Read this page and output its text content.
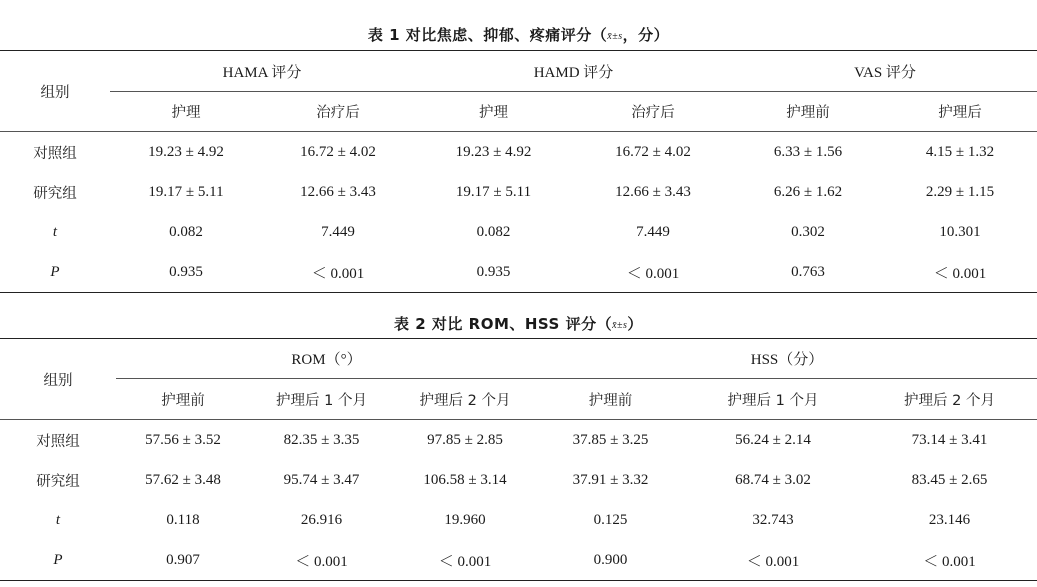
表 1 对比焦虑、抑郁、疼痛评分（x̄±s，分）
组别	HAMA 评分		HAMD 评分		VAS 评分	
	护理	治疗后	护理	治疗后	护理前	护理后
对照组	19.23 ± 4.92	16.72 ± 4.02	19.23 ± 4.92	16.72 ± 4.02	6.33 ± 1.56	4.15 ± 1.32
研究组	19.17 ± 5.11	12.66 ± 3.43	19.17 ± 5.11	12.66 ± 3.43	6.26 ± 1.62	2.29 ± 1.15
t	0.082	7.449	0.082	7.449	0.302	10.301
P	0.935	＜ 0.001	0.935	＜ 0.001	0.763	＜ 0.001
表 2 对比 ROM、HSS 评分（x̄±s）
组别	ROM（°）			HSS（分）		
	护理前	护理后 1 个月	护理后 2 个月	护理前	护理后 1 个月	护理后 2 个月
对照组	57.56 ± 3.52	82.35 ± 3.35	97.85 ± 2.85	37.85 ± 3.25	56.24 ± 2.14	73.14 ± 3.41
研究组	57.62 ± 3.48	95.74 ± 3.47	106.58 ± 3.14	37.91 ± 3.32	68.74 ± 3.02	83.45 ± 2.65
t	0.118	26.916	19.960	0.125	32.743	23.146
P	0.907	＜ 0.001	＜ 0.001	0.900	＜ 0.001	＜ 0.001
